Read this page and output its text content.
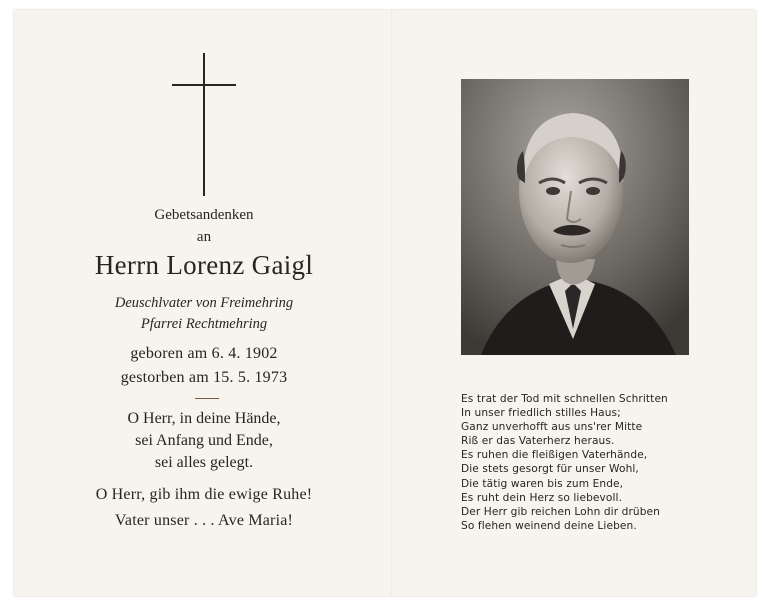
Gebetsandenken
an
Herrn Lorenz Gaigl
Deuschlvater von Freimehring
Pfarrei Rechtmehring
geboren am 6. 4. 1902
gestorben am 15. 5. 1973
O Herr, in deine Hände,
sei Anfang und Ende,
sei alles gelegt.
O Herr, gib ihm die ewige Ruhe!
Vater unser . . . Ave Maria!
Es trat der Tod mit schnellen Schritten
In unser friedlich stilles Haus;
Ganz unverhofft aus uns'rer Mitte
Riß er das Vaterherz heraus.
Es ruhen die fleißigen Vaterhände,
Die stets gesorgt für unser Wohl,
Die tätig waren bis zum Ende,
Es ruht dein Herz so liebevoll.
Der Herr gib reichen Lohn dir drüben
So flehen weinend deine Lieben.
